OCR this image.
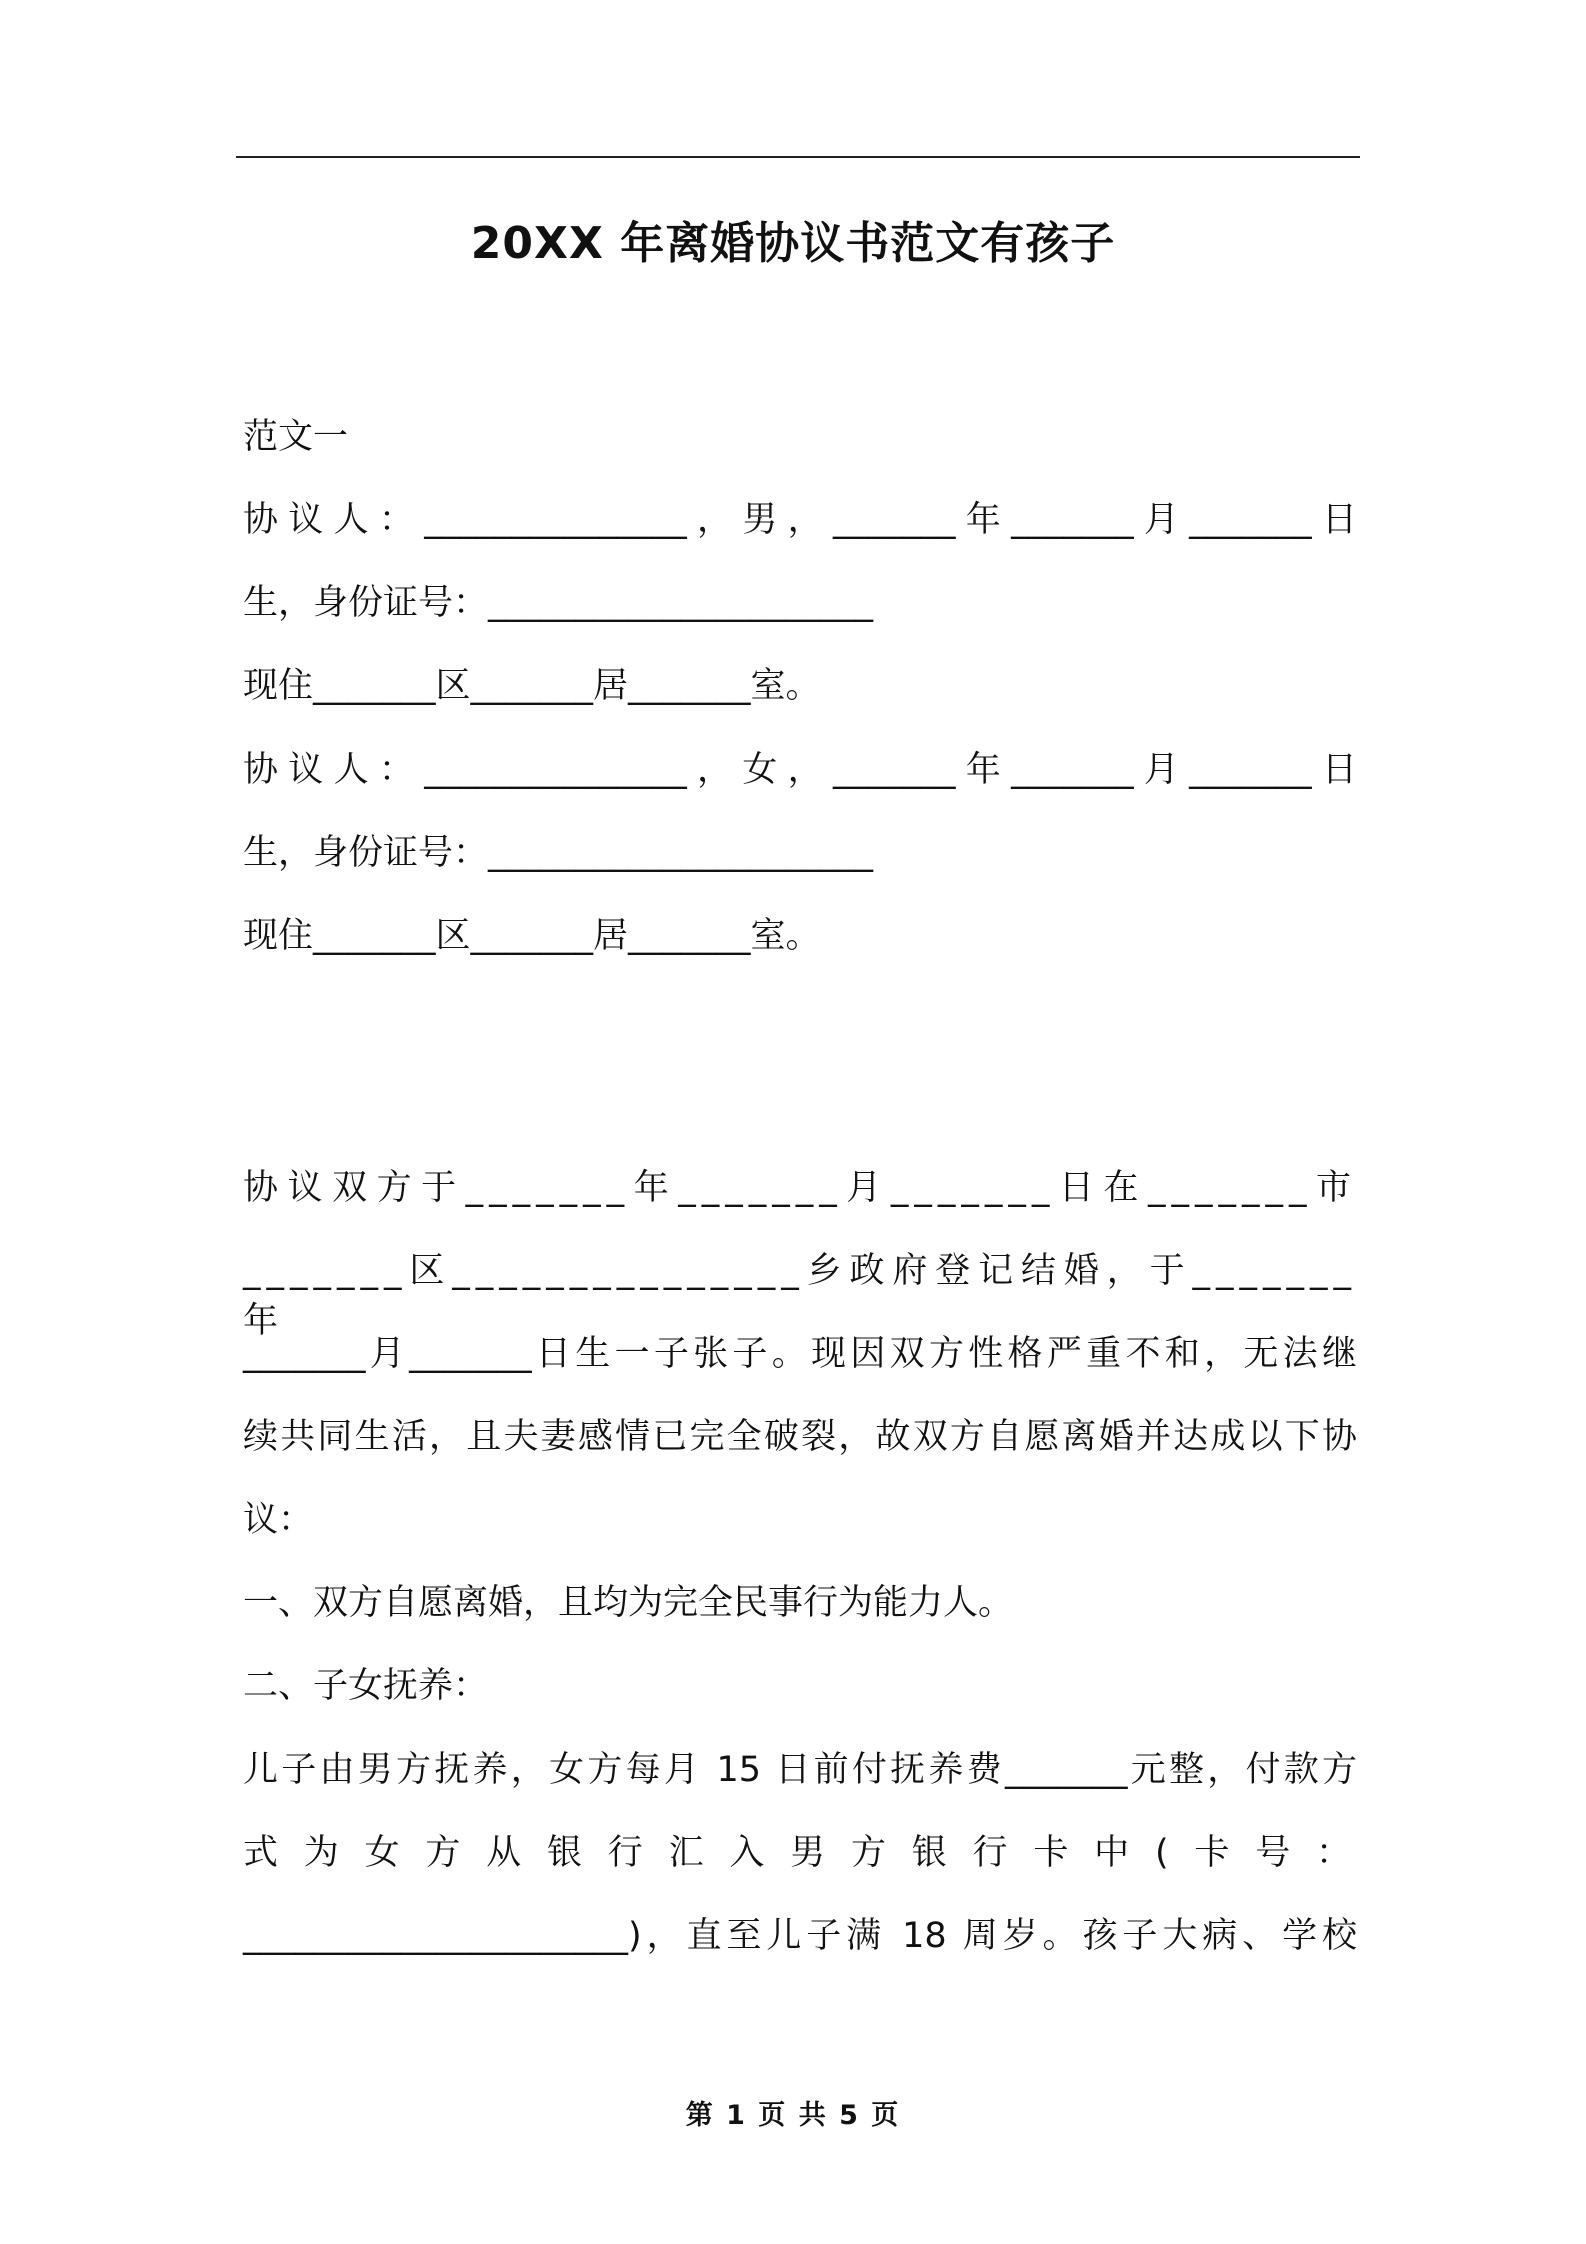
20XX 年离婚协议书范文有孩子
范文一
协议人：_______________，男，_______年_______月_______日
生，身份证号：______________________
现住_______区_______居_______室。
协议人：_______________，女，_______年_______月_______日
生，身份证号：______________________
现住_______区_______居_______室。
协议双方于_______年_______月_______日在_______市
_______区_______________乡政府登记结婚，于_______年
_______月_______日生一子张子。现因双方性格严重不和，无法继
续共同生活，且夫妻感情已完全破裂，故双方自愿离婚并达成以下协
议：
一、双方自愿离婚，且均为完全民事行为能力人。
二、子女抚养：
儿子由男方抚养，女方每月 15 日前付抚养费_______元整，付款方
式为女方从银行汇入男方银行卡中(卡号：
______________________)，直至儿子满 18 周岁。孩子大病、学校
第 1 页 共 5 页
